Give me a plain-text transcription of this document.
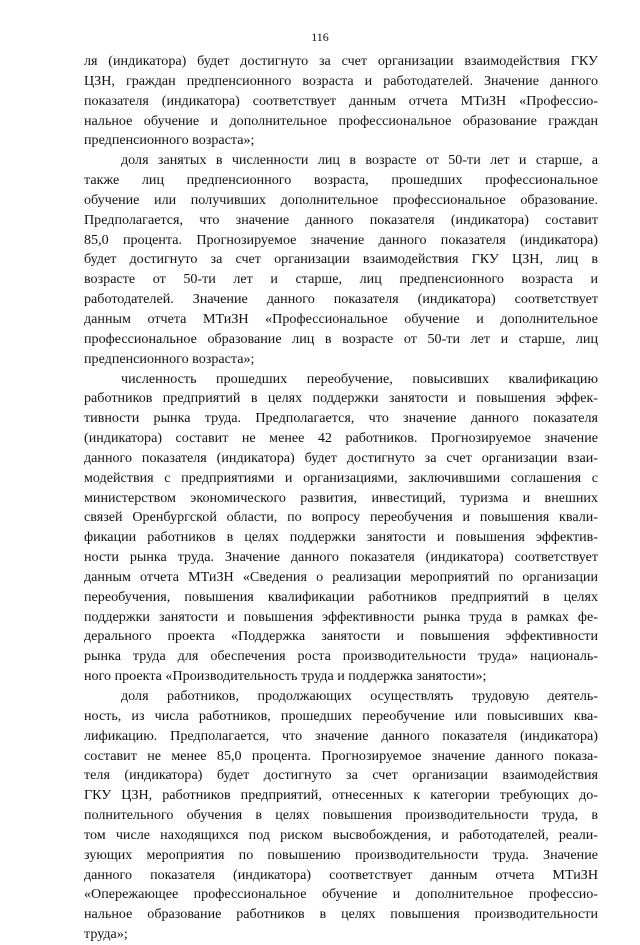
116
ля (индикатора) будет достигнуто за счет организации взаимодействия ГКУ
ЦЗН, граждан предпенсионного возраста и работодателей. Значение данного
показателя (индикатора) соответствует данным отчета МТиЗН «Профессио-
нальное обучение и дополнительное профессиональное образование граждан
предпенсионного возраста»;
доля занятых в численности лиц в возрасте от 50-ти лет и старше, а
также лиц предпенсионного возраста, прошедших профессиональное
обучение или получивших дополнительное профессиональное образование.
Предполагается, что значение данного показателя (индикатора) составит
85,0 процента. Прогнозируемое значение данного показателя (индикатора)
будет достигнуто за счет организации взаимодействия ГКУ ЦЗН, лиц в
возрасте от 50-ти лет и старше, лиц предпенсионного возраста и
работодателей. Значение данного показателя (индикатора) соответствует
данным отчета МТиЗН «Профессиональное обучение и дополнительное
профессиональное образование лиц в возрасте от 50-ти лет и старше, лиц
предпенсионного возраста»;
численность прошедших переобучение, повысивших квалификацию
работников предприятий в целях поддержки занятости и повышения эффек-
тивности рынка труда. Предполагается, что значение данного показателя
(индикатора) составит не менее 42 работников. Прогнозируемое значение
данного показателя (индикатора) будет достигнуто за счет организации взаи-
модействия с предприятиями и организациями, заключившими соглашения с
министерством экономического развития, инвестиций, туризма и внешних
связей Оренбургской области, по вопросу переобучения и повышения квали-
фикации работников в целях поддержки занятости и повышения эффектив-
ности рынка труда. Значение данного показателя (индикатора) соответствует
данным отчета МТиЗН «Сведения о реализации мероприятий по организации
переобучения, повышения квалификации работников предприятий в целях
поддержки занятости и повышения эффективности рынка труда в рамках фе-
дерального проекта «Поддержка занятости и повышения эффективности
рынка труда для обеспечения роста производительности труда» националь-
ного проекта «Производительность труда и поддержка занятости»;
доля работников, продолжающих осуществлять трудовую деятель-
ность, из числа работников, прошедших переобучение или повысивших ква-
лификацию. Предполагается, что значение данного показателя (индикатора)
составит не менее 85,0 процента. Прогнозируемое значение данного показа-
теля (индикатора) будет достигнуто за счет организации взаимодействия
ГКУ ЦЗН, работников предприятий, отнесенных к категории требующих до-
полнительного обучения в целях повышения производительности труда, в
том числе находящихся под риском высвобождения, и работодателей, реали-
зующих мероприятия по повышению производительности труда. Значение
данного показателя (индикатора) соответствует данным отчета МТиЗН
«Опережающее профессиональное обучение и дополнительное профессио-
нальное образование работников в целях повышения производительности
труда»;
